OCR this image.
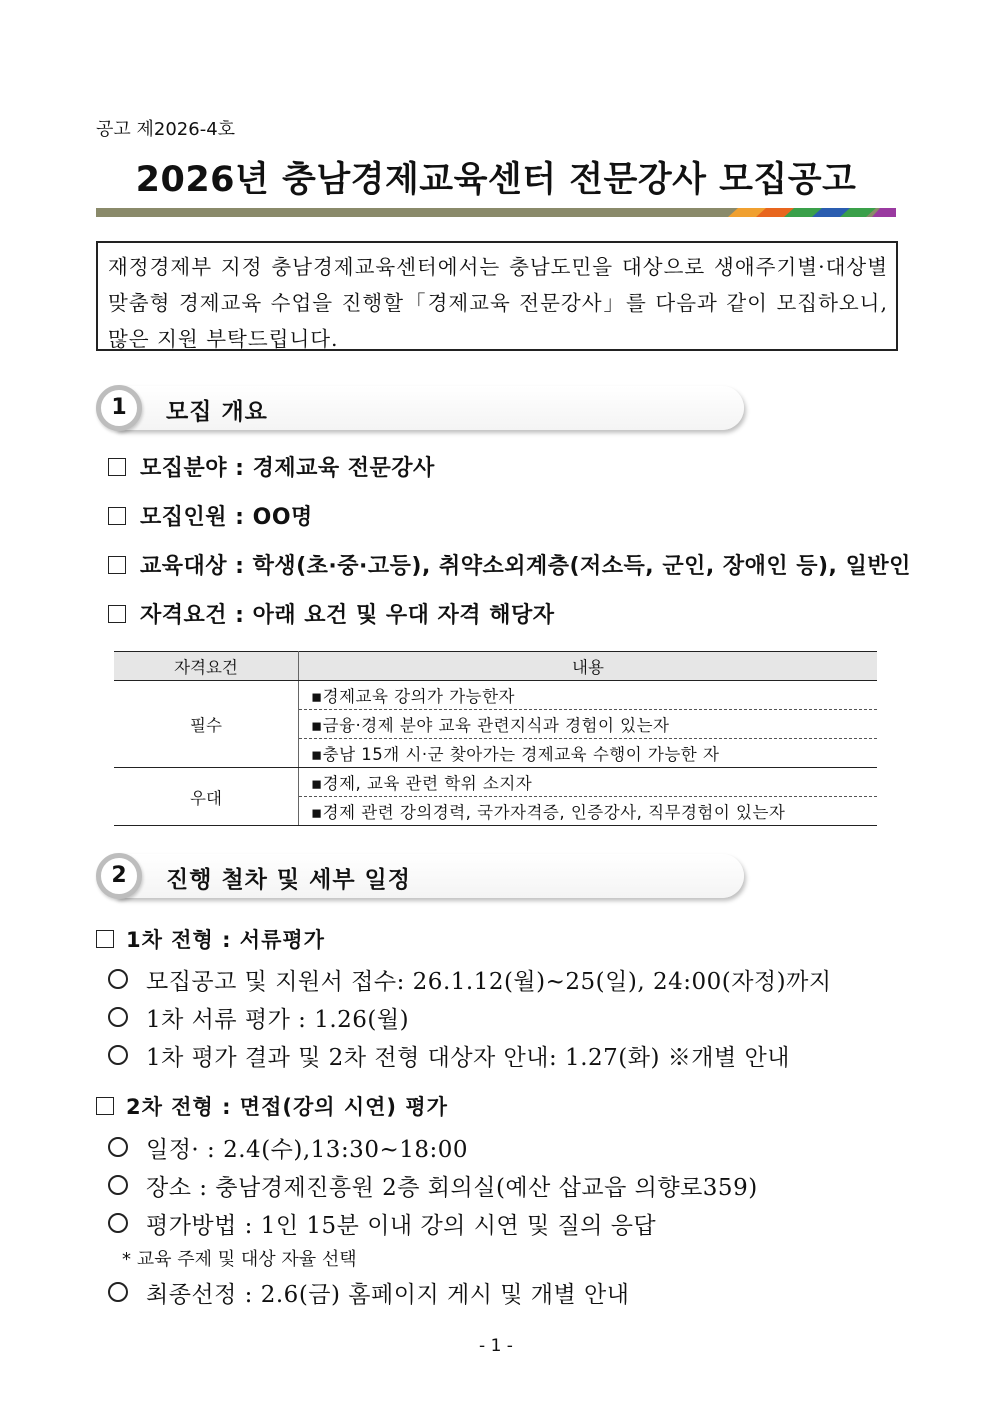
공고 제2026-4호
2026년 충남경제교육센터 전문강사 모집공고
재정경제부 지정 충남경제교육센터에서는 충남도민을 대상으로 생애주기별·대상별 맞춤형 경제교육 수업을 진행할「경제교육 전문강사」를 다음과 같이 모집하오니, 많은 지원 부탁드립니다.
1	모집 개요
모집분야 : 경제교육 전문강사
모집인원 : OO명
교육대상 : 학생(초·중·고등), 취약소외계층(저소득, 군인, 장애인 등), 일반인
자격요건 : 아래 요건 및 우대 자격 해당자
자격요건	내용
필수	▪경제교육 강의가 가능한자
	▪금융·경제 분야 교육 관련지식과 경험이 있는자
	▪충남 15개 시·군 찾아가는 경제교육 수행이 가능한 자
우대	▪경제, 교육 관련 학위 소지자
	▪경제 관련 강의경력, 국가자격증, 인증강사, 직무경험이 있는자
2	진행 철차 및 세부 일정
1차 전형 : 서류평가
모집공고 및 지원서 접수: 26.1.12(월)~25(일), 24:00(자정)까지
1차 서류 평가 : 1.26(월)
1차 평가 결과 및 2차 전형 대상자 안내: 1.27(화) ※개별 안내
2차 전형 : 면접(강의 시연) 평가
일정· : 2.4(수),13:30~18:00
장소 : 충남경제진흥원 2층 회의실(예산 삽교읍 의향로359)
평가방법 : 1인 15분 이내 강의 시연 및 질의 응답
* 교육 주제 및 대상 자율 선택
최종선정 : 2.6(금) 홈페이지 게시 및 개별 안내
- 1 -
